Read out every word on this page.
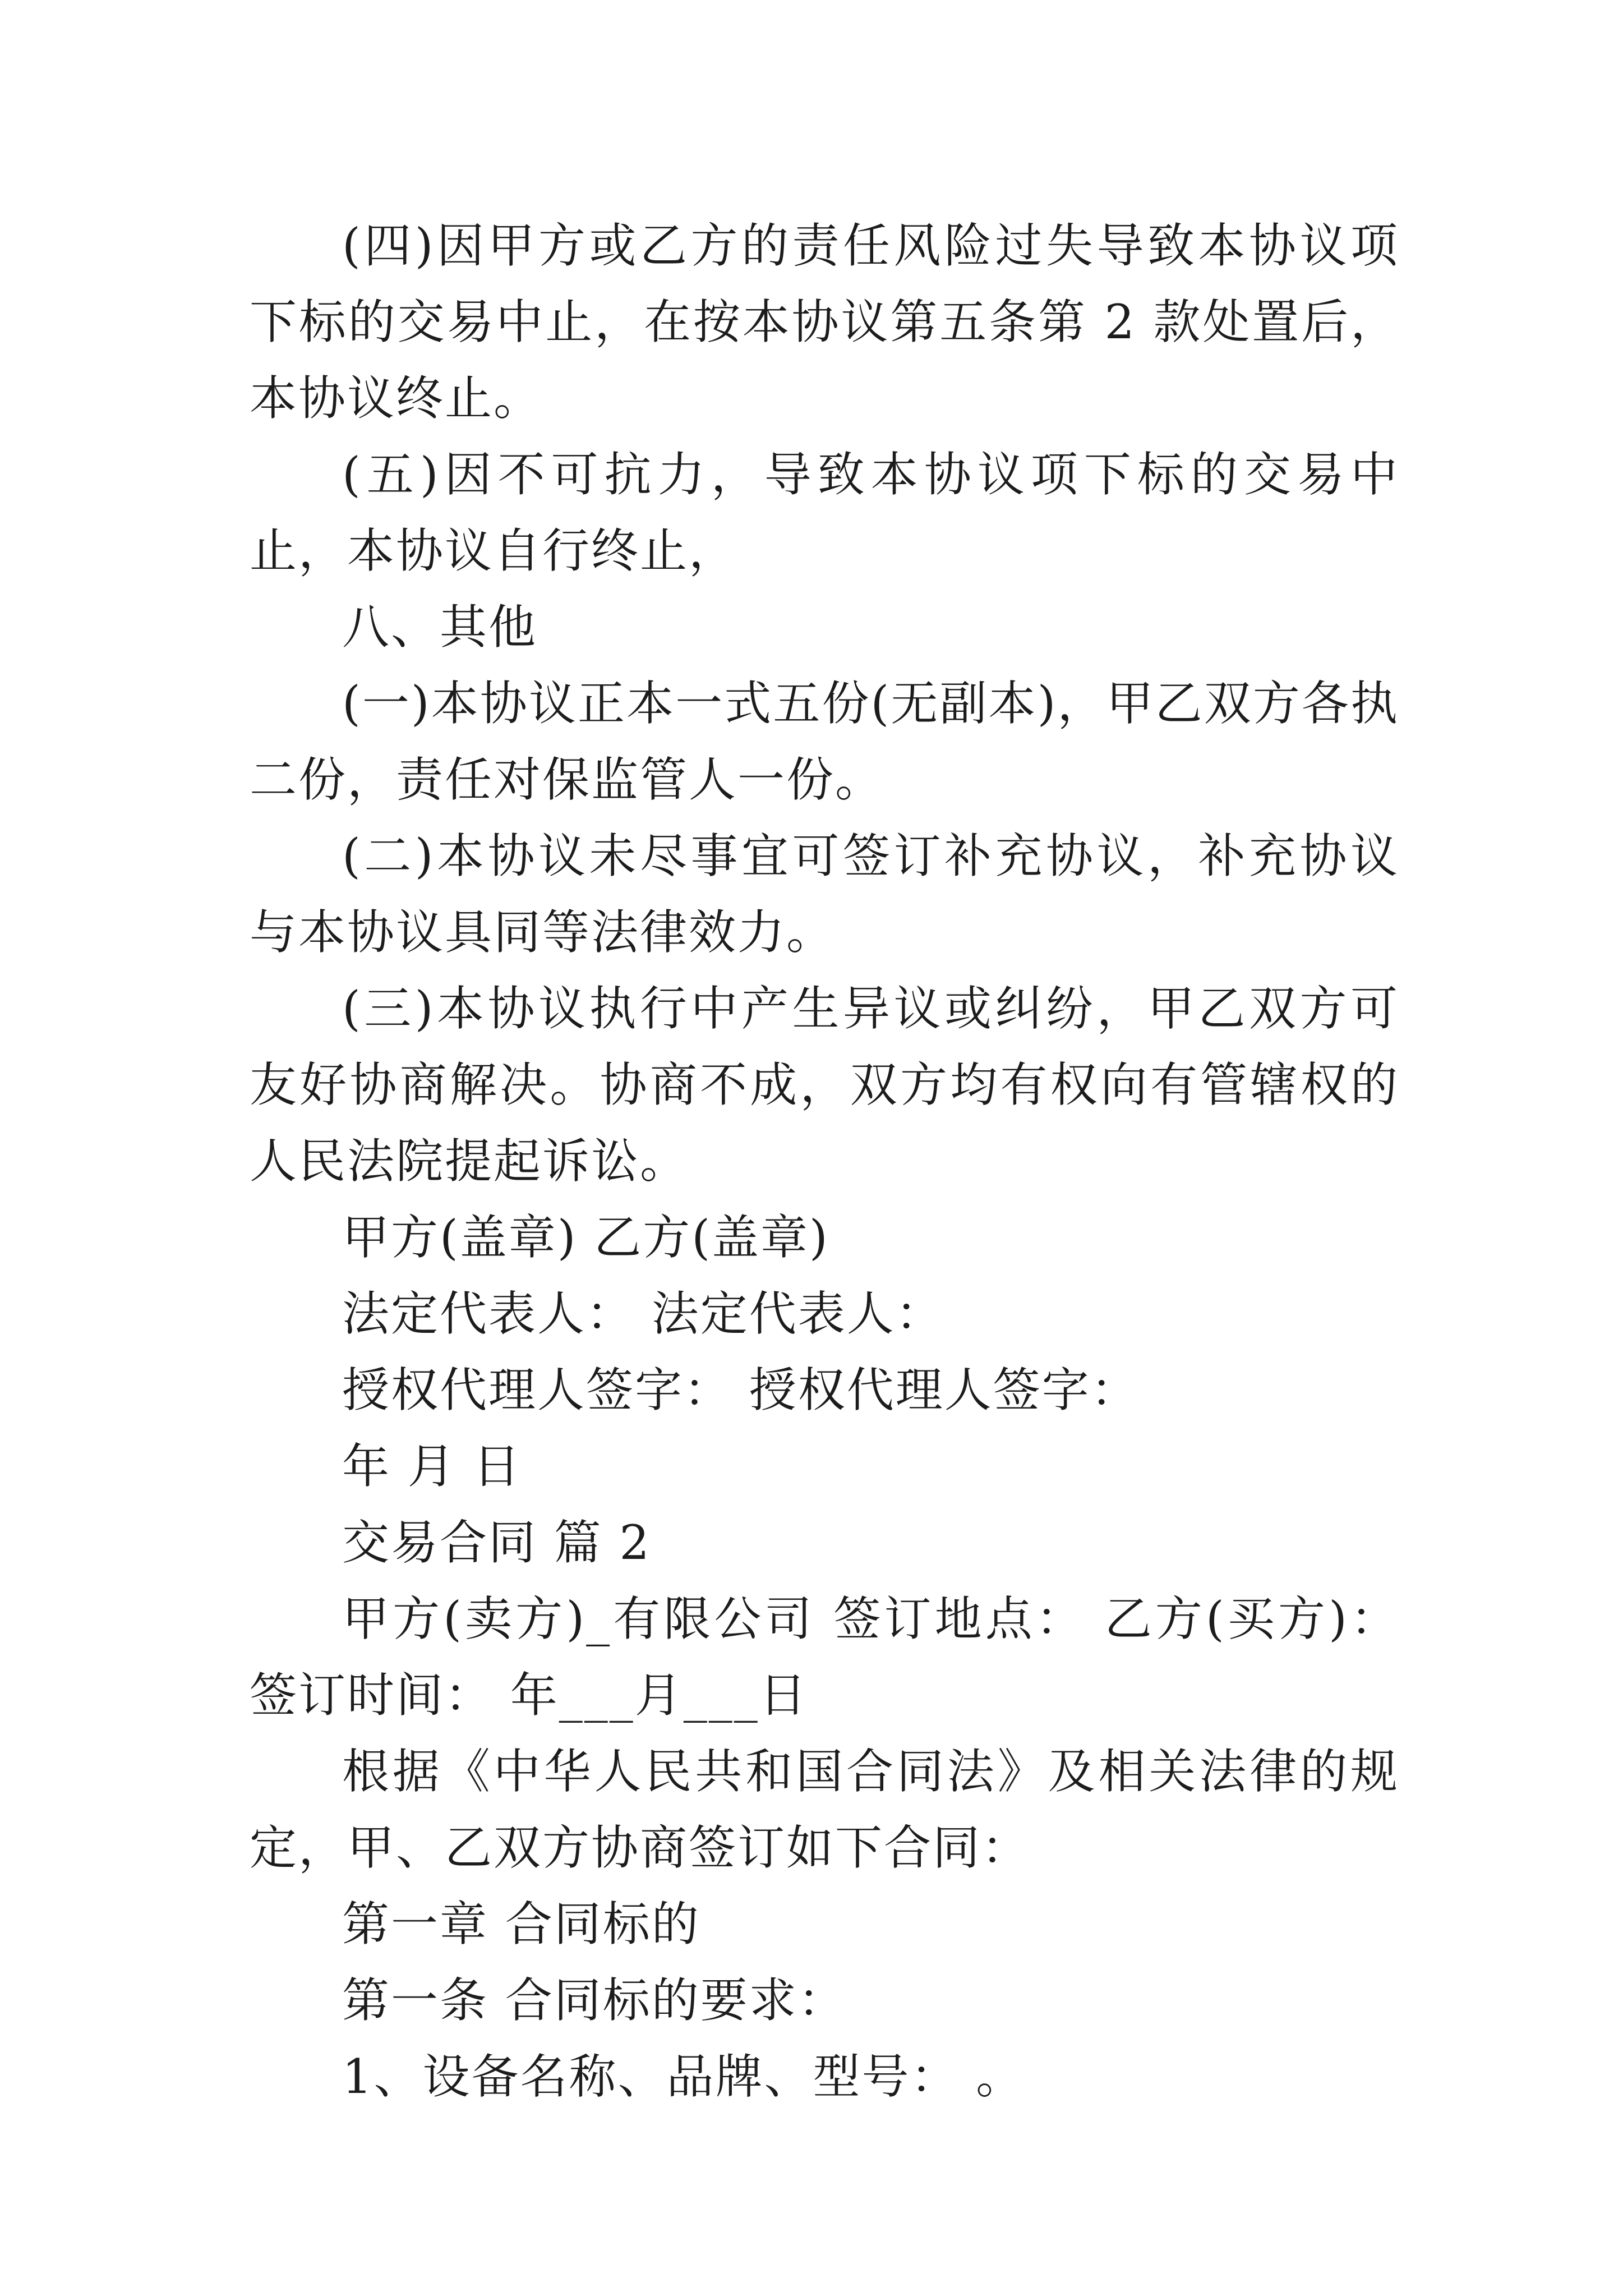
(四)因甲方或乙方的责任风险过失导致本协议项下标的交易中止，在按本协议第五条第 2 款处置后，本协议终止。

(五)因不可抗力，导致本协议项下标的交易中止，本协议自行终止，

八、其他

(一)本协议正本一式五份(无副本)，甲乙双方各执二份，责任对保监管人一份。

(二)本协议未尽事宜可签订补充协议，补充协议与本协议具同等法律效力。

(三)本协议执行中产生异议或纠纷，甲乙双方可友好协商解决。协商不成，双方均有权向有管辖权的人民法院提起诉讼。

甲方(盖章) 乙方(盖章)

法定代表人： 法定代表人：

授权代理人签字： 授权代理人签字：

年 月 日

交易合同 篇 2

甲方(卖方)_有限公司 签订地点： 乙方(买方)： 签订时间： 年___月___日

根据《中华人民共和国合同法》及相关法律的规定，甲、乙双方协商签订如下合同：

第一章 合同标的

第一条 合同标的要求：

1、设备名称、品牌、型号： 。
